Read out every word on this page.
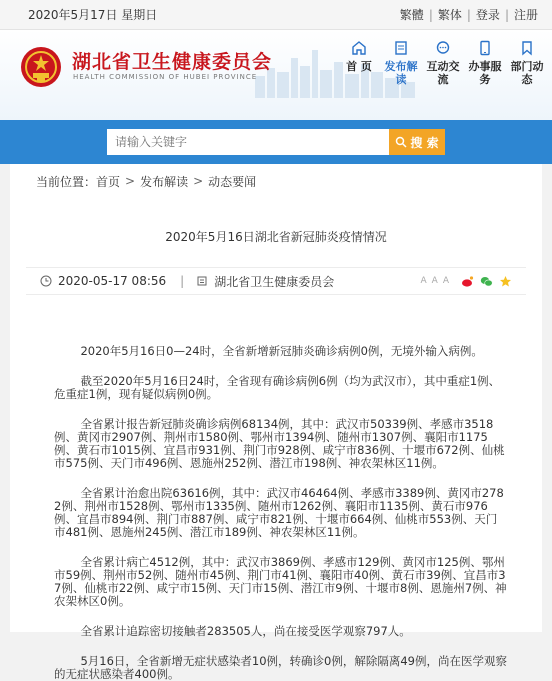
2020年5月17日 星期日	繁體 | 繁体 | 登录 | 注册
湖北省卫生健康委员会
HEALTH COMMISSION OF HUBEI PROVINCE
首 页	发布解读
互动交流
办事服务
部门动态
请输入关键字
搜 索
当前位置： 首页 > 发布解读 > 动态要闻
2020年5月16日湖北省新冠肺炎疫情情况
2020-05-17 08:56 |	湖北省卫生健康委员会	A A A

2020年5月16日0—24时，全省新增新冠肺炎确诊病例0例，无境外输入病例。

截至2020年5月16日24时，全省现有确诊病例6例（均为武汉市），其中重症1例、危重症1例，现有疑似病例0例。

全省累计报告新冠肺炎确诊病例68134例，其中：武汉市50339例、孝感市3518例、黄冈市2907例、荆州市1580例、鄂州市1394例、随州市1307例、襄阳市1175例、黄石市1015例、宜昌市931例、荆门市928例、咸宁市836例、十堰市672例、仙桃市575例、天门市496例、恩施州252例、潜江市198例、神农架林区11例。

全省累计治愈出院63616例，其中：武汉市46464例、孝感市3389例、黄冈市2782例、荆州市1528例、鄂州市1335例、随州市1262例、襄阳市1135例、黄石市976例、宜昌市894例、荆门市887例、咸宁市821例、十堰市664例、仙桃市553例、天门市481例、恩施州245例、潜江市189例、神农架林区11例。

全省累计病亡4512例，其中：武汉市3869例、孝感市129例、黄冈市125例、鄂州市59例、荆州市52例、随州市45例、荆门市41例、襄阳市40例、黄石市39例、宜昌市37例、仙桃市22例、咸宁市15例、天门市15例、潜江市9例、十堰市8例、恩施州7例、神农架林区0例。

全省累计追踪密切接触者283505人，尚在接受医学观察797人。

5月16日，全省新增无症状感染者10例，转确诊0例，解除隔离49例，尚在医学观察的无症状感染者400例。
